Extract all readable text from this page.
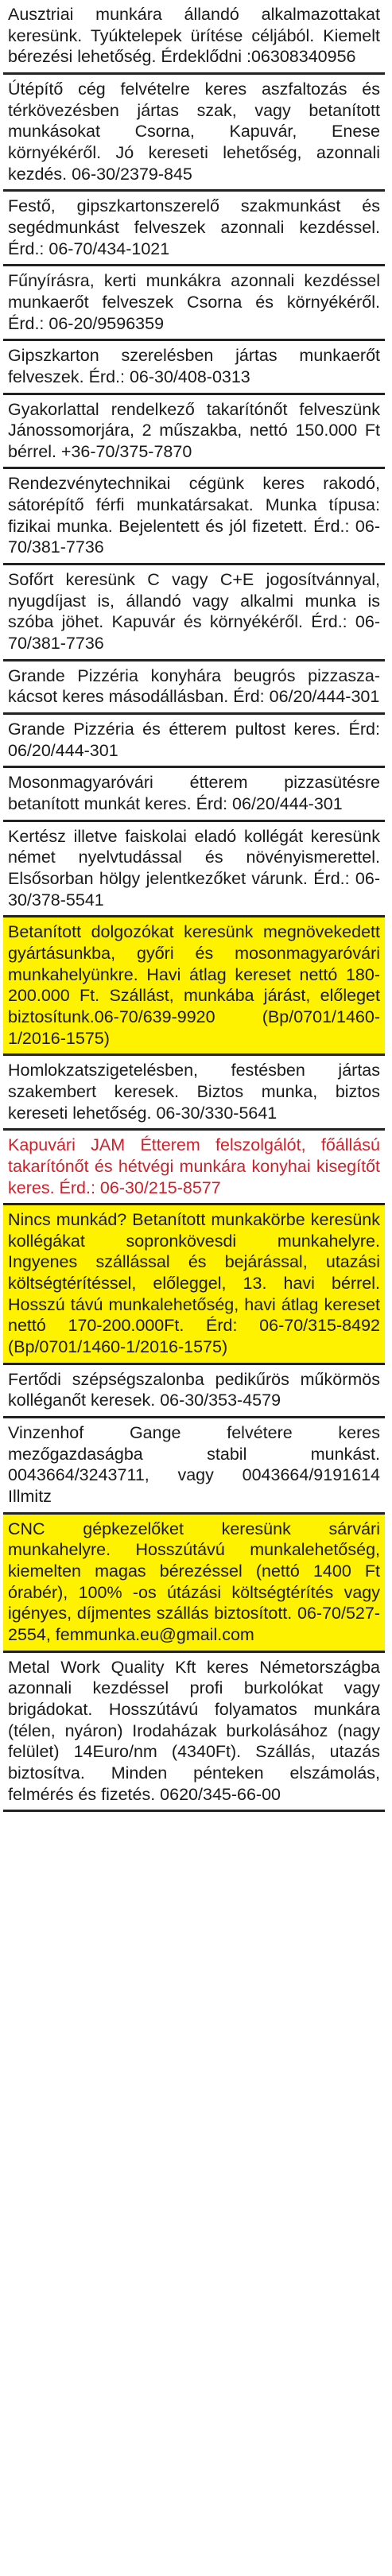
Ausztriai munkára állandó alkalmazottakat keresünk. Tyúktelepek ürítése céljából. Kiemelt bérezési lehetőség. Érdeklődni :06308340956
Útépítő cég felvételre keres aszfaltozás és térkövezésben jártas szak, vagy betanított munkásokat Csorna, Kapuvár, Enese környékéről. Jó kereseti lehetőség, azonnali kezdés. 06-30/2379-845
Festő, gipszkartonszerelő szakmunkást és segédmunkást felveszek azonnali kezdéssel. Érd.: 06-70/434-1021
Fűnyírásra, kerti munkákra azonnali kezdéssel munkaerőt felveszek Csorna és környékéről. Érd.: 06-20/9596359
Gipszkarton szerelésben jártas munkaerőt felveszek. Érd.: 06-30/408-0313
Gyakorlattal rendelkező takarítónőt felveszünk Jánossomorjára, 2 műszakba, nettó 150.000 Ft bérrel. +36-70/375-7870
Rendezvénytechnikai cégünk keres rakodó, sátorépítő férfi munkatársakat. Munka típusa: fizikai munka. Bejelentett és jól fizetett. Érd.: 06-70/381-7736
Sofőrt keresünk C vagy C+E jogosítvánnyal, nyugdíjast is, állandó vagy alkalmi munka is szóba jöhet. Kapuvár és környékéről. Érd.: 06-70/381-7736
Grande Pizzéria konyhára beugrós pizzasza-kácsot keres másodállásban. Érd: 06/20/444-301
Grande Pizzéria és étterem pultost keres. Érd: 06/20/444-301
Mosonmagyaróvári étterem pizzasütésre betanított munkát keres. Érd: 06/20/444-301
Kertész illetve faiskolai eladó kollégát keresünk német nyelvtudással és növényismerettel. Elsősorban hölgy jelentkezőket várunk. Érd.: 06-30/378-5541
Betanított dolgozókat keresünk megnövekedett gyártásunkba, győri és mosonmagyaróvári munkahelyünkre. Havi átlag kereset nettó 180-200.000 Ft. Szállást, munkába járást, előleget biztosítunk.06-70/639-9920 (Bp/0701/1460-1/2016-1575)
Homlokzatszigetelésben, festésben jártas szakembert keresek. Biztos munka, biztos kereseti lehetőség. 06-30/330-5641
Kapuvári JAM Étterem felszolgálót, főállású takarítónőt és hétvégi munkára konyhai kisegítőt keres. Érd.: 06-30/215-8577
Nincs munkád? Betanított munkakörbe keresünk kollégákat sopronkövesdi munkahelyre. Ingyenes szállással és bejárással, utazási költségtérítéssel, előleggel, 13. havi bérrel. Hosszú távú munkalehetőség, havi átlag kereset nettó 170-200.000Ft. Érd: 06-70/315-8492 (Bp/0701/1460-1/2016-1575)
Fertődi szépségszalonba pedikűrös műkörmös kolléganőt keresek. 06-30/353-4579
Vinzenhof Gange felvétere keres mezőgazdaságba stabil munkást. 0043664/3243711, vagy 0043664/9191614 Illmitz
CNC gépkezelőket keresünk sárvári munkahelyre. Hosszútávú munkalehetőség, kiemelten magas bérezéssel (nettó 1400 Ft órabér), 100% -os útázási költségtérítés vagy igényes, díjmentes szállás biztosított. 06-70/527-2554, femmunka.eu@gmail.com
Metal Work Quality Kft keres Németországba azonnali kezdéssel profi burkolókat vagy brigádokat. Hosszútávú folyamatos munkára (télen, nyáron) Irodaházak burkolásához (nagy felület) 14Euro/nm (4340Ft). Szállás, utazás biztosítva. Minden pénteken elszámolás, felmérés és fizetés. 0620/345-66-00
